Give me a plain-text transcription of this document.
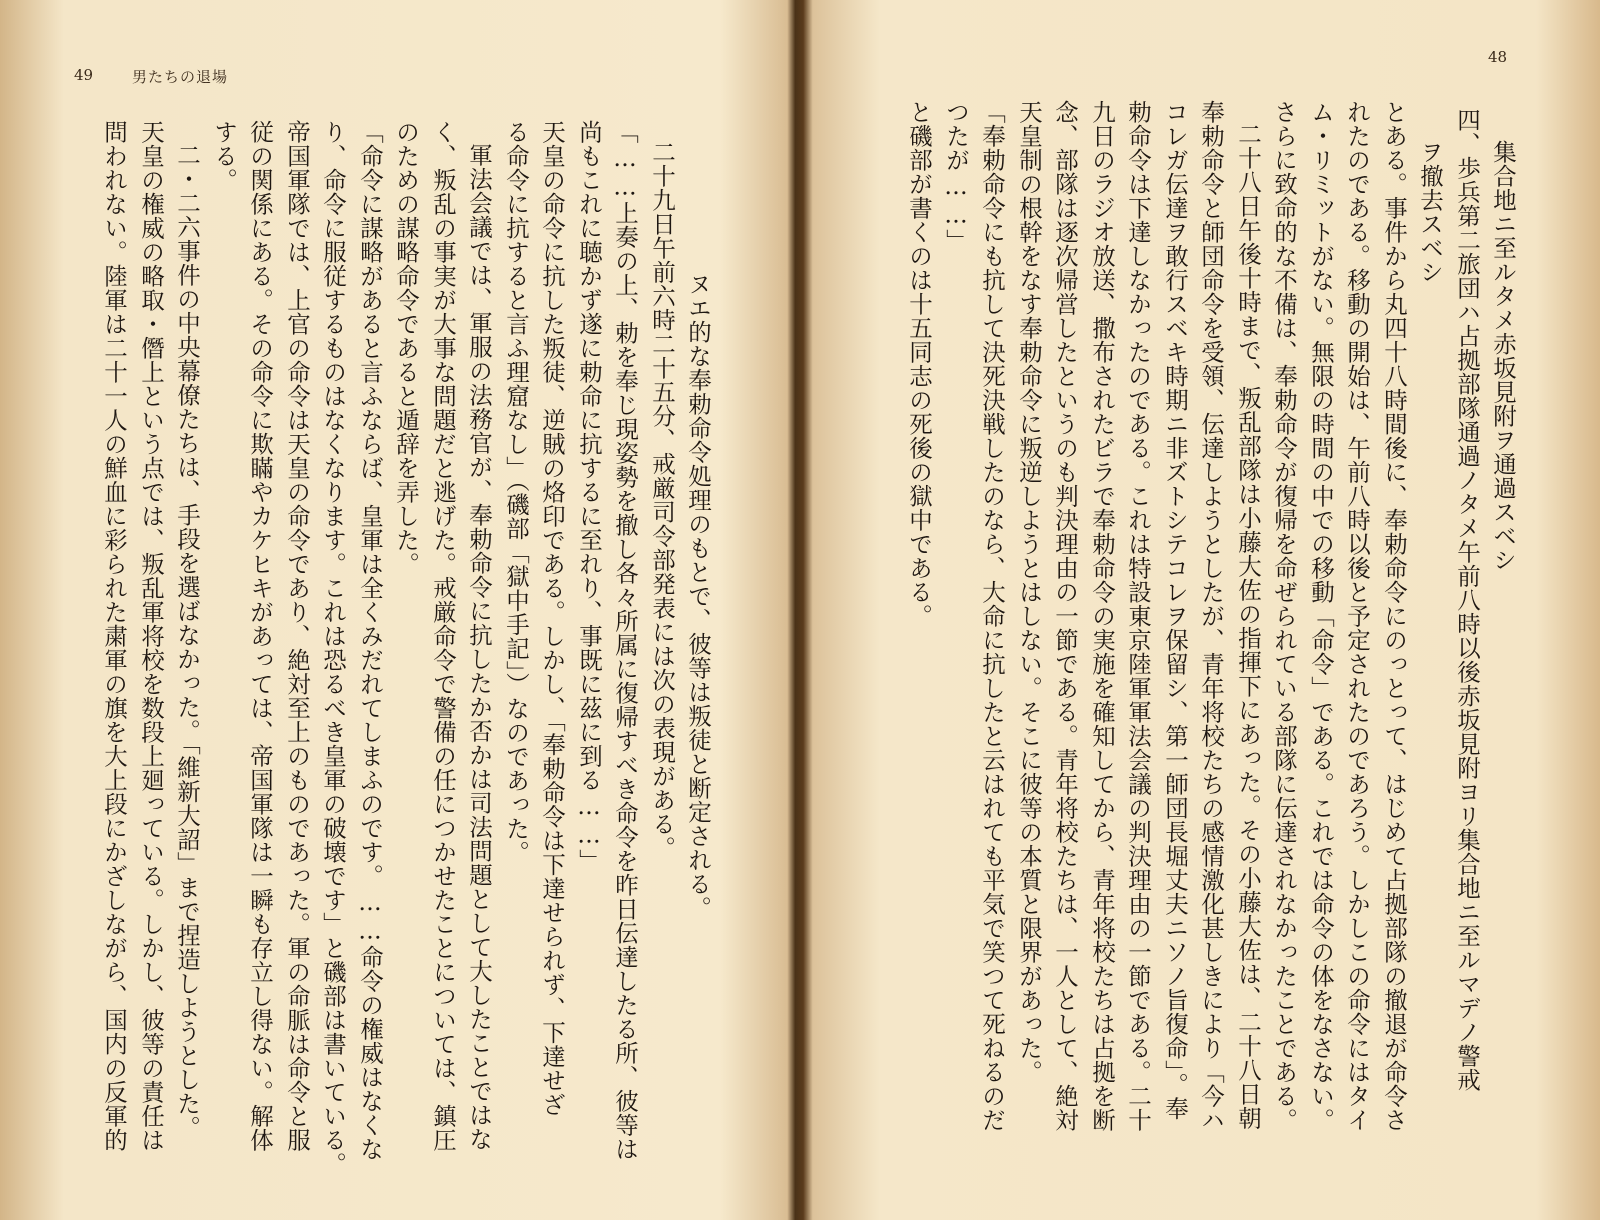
49	男たちの退場
ヌエ的な奉勅命令処理のもとで、彼等は叛徒と断定される。
二十九日午前六時二十五分、戒厳司令部発表には次の表現がある。
「……上奏の上、勅を奉じ現姿勢を撤し各々所属に復帰すべき命令を昨日伝達したる所、彼等は
尚もこれに聴かず遂に勅命に抗するに至れり、事既に茲に到る……」
天皇の命令に抗した叛徒、逆賊の烙印である。しかし、「奉勅命令は下達せられず、下達せざ
る命令に抗すると言ふ理窟なし」（磯部「獄中手記」）なのであった。
軍法会議では、軍服の法務官が、奉勅命令に抗したか否かは司法問題として大したことではな
く、叛乱の事実が大事な問題だと逃げた。戒厳命令で警備の任につかせたことについては、鎮圧
のための謀略命令であると遁辞を弄した。
「命令に謀略があると言ふならば、皇軍は全くみだれてしまふのです。……命令の権威はなくな
り、命令に服従するものはなくなります。これは恐るべき皇軍の破壊です」と磯部は書いている。
帝国軍隊では、上官の命令は天皇の命令であり、絶対至上のものであった。軍の命脈は命令と服
従の関係にある。その命令に欺瞞やカケヒキがあっては、帝国軍隊は一瞬も存立し得ない。解体
する。
二・二六事件の中央幕僚たちは、手段を選ばなかった。「維新大詔」まで捏造しようとした。
天皇の権威の略取・僭上という点では、叛乱軍将校を数段上廻っている。しかし、彼等の責任は
問われない。陸軍は二十一人の鮮血に彩られた粛軍の旗を大上段にかざしながら、国内の反軍的
48
集合地ニ至ルタメ赤坂見附ヲ通過スベシ
四、歩兵第二旅団ハ占拠部隊通過ノタメ午前八時以後赤坂見附ヨリ集合地ニ至ルマデノ警戒
ヲ撤去スベシ
とある。事件から丸四十八時間後に、奉勅命令にのっとって、はじめて占拠部隊の撤退が命令さ
れたのである。移動の開始は、午前八時以後と予定されたのであろう。しかしこの命令にはタイ
ム・リミットがない。無限の時間の中での移動「命令」である。これでは命令の体をなさない。
さらに致命的な不備は、奉勅命令が復帰を命ぜられている部隊に伝達されなかったことである。
二十八日午後十時まで、叛乱部隊は小藤大佐の指揮下にあった。その小藤大佐は、二十八日朝
奉勅命令と師団命令を受領、伝達しようとしたが、青年将校たちの感情激化甚しきにより「今ハ
コレガ伝達ヲ敢行スベキ時期ニ非ズトシテコレヲ保留シ、第一師団長堀丈夫ニソノ旨復命」。奉
勅命令は下達しなかったのである。これは特設東京陸軍軍法会議の判決理由の一節である。二十
九日のラジオ放送、撒布されたビラで奉勅命令の実施を確知してから、青年将校たちは占拠を断
念、部隊は逐次帰営したというのも判決理由の一節である。青年将校たちは、一人として、絶対
天皇制の根幹をなす奉勅命令に叛逆しようとはしない。そこに彼等の本質と限界があった。
「奉勅命令にも抗して決死決戦したのなら、大命に抗したと云はれても平気で笑つて死ねるのだ
つたが……」
と磯部が書くのは十五同志の死後の獄中である。
